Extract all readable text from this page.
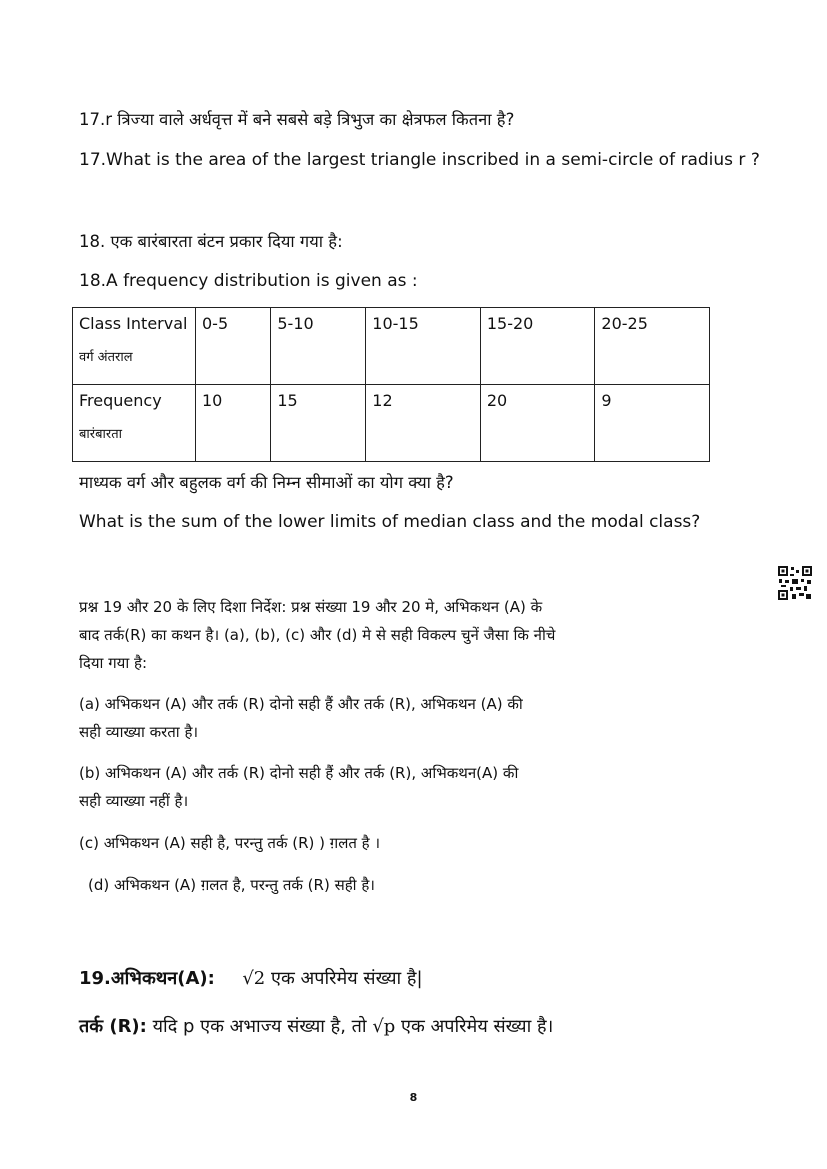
17.r त्रिज्या वाले अर्धवृत्त में बने सबसे बड़े त्रिभुज का क्षेत्रफल कितना है?
17.What is the area of the largest triangle inscribed in a semi-circle of radius r ?
18. एक बारंबारता बंटन प्रकार दिया गया है:
18.A frequency distribution is given as :
Class Interval
वर्ग अंतराल	0-5	5-10	10-15	15-20	20-25
Frequency
बारंबारता	10	15	12	20	9
माध्यक वर्ग और बहुलक वर्ग की निम्न सीमाओं का योग क्या है?
What is the sum of the lower limits of median class and the modal class?
प्रश्न 19 और 20 के लिए दिशा निर्देश: प्रश्न संख्या 19 और 20 मे, अभिकथन (A) के
बाद तर्क(R) का कथन है। (a), (b), (c) और (d) मे से सही विकल्प चुनें जैसा कि नीचे
दिया गया है:
(a) अभिकथन (A) और तर्क (R) दोनो सही हैं और तर्क (R), अभिकथन (A) की
सही व्याख्या करता है।
(b) अभिकथन (A) और तर्क (R) दोनो सही हैं और तर्क (R), अभिकथन(A) की
सही व्याख्या नहीं है।
(c) अभिकथन (A) सही है, परन्तु तर्क (R) ) ग़लत है ।
(d) अभिकथन (A) ग़लत है, परन्तु तर्क (R) सही है।
19.अभिकथन(A): √2 एक अपरिमेय संख्या है|
तर्क (R): यदि p एक अभाज्य संख्या है, तो √p एक अपरिमेय संख्या है।
8
